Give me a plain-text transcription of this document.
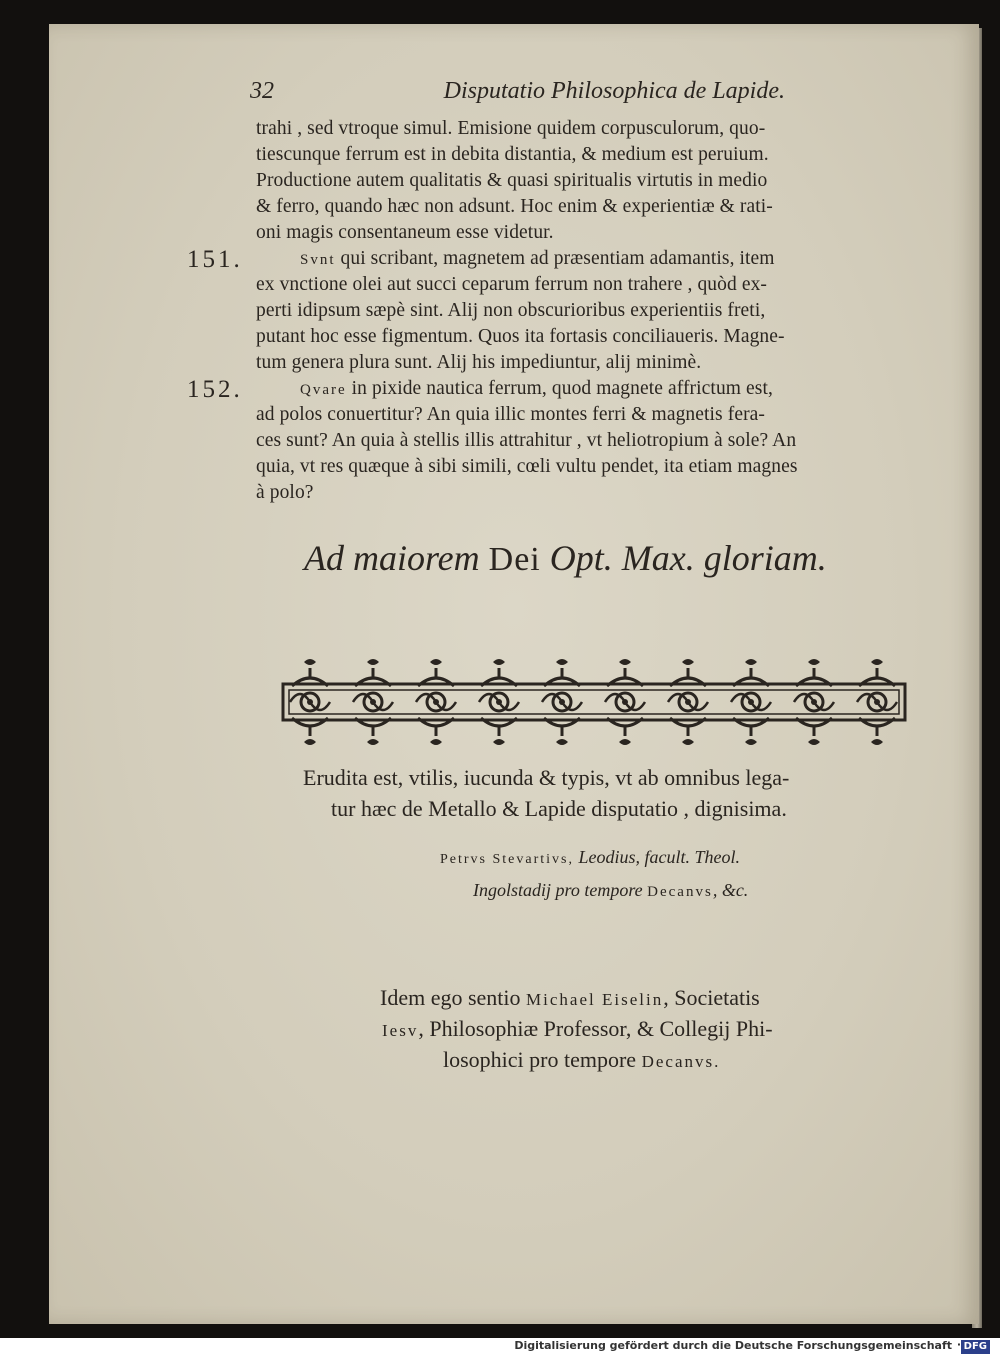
32	Disputatio Philosophica de Lapide.
trahi , sed vtroque simul. Emisione quidem corpusculorum, quo-
tiescunque ferrum est in debita distantia, & medium est peruium.
Productione autem qualitatis & quasi spiritualis virtutis in medio
& ferro, quando hæc non adsunt. Hoc enim & experientiæ & rati-
oni magis consentaneum esse videtur.
151.	Svnt qui scribant, magnetem ad præsentiam adamantis, item
ex vnctione olei aut succi ceparum ferrum non trahere , quòd ex-
perti idipsum sæpè sint. Alij non obscurioribus experientiis freti,
putant hoc esse figmentum. Quos ita fortasis conciliaueris. Magne-
tum genera plura sunt. Alij his impediuntur, alij minimè.
152.	Qvare in pixide nautica ferrum, quod magnete affrictum est,
ad polos conuertitur? An quia illic montes ferri & magnetis fera-
ces sunt? An quia à stellis illis attrahitur , vt heliotropium à sole? An
quia, vt res quæque à sibi simili, cœli vultu pendet, ita etiam magnes
à polo?
Ad maiorem Dei Opt. Max. gloriam.
Erudita est, vtilis, iucunda & typis, vt ab omnibus lega-
tur hæc de Metallo & Lapide disputatio , dignisima.
Petrvs Stevartivs, Leodius, facult. Theol.
Ingolstadij pro tempore Decanvs, &c.
Idem ego sentio Michael Eiselin, Societatis
Iesv, Philosophiæ Professor, & Collegij Phi-
losophici pro tempore Decanvs.
Digitalisierung gefördert durch die Deutsche Forschungsgemeinschaft · DFG
